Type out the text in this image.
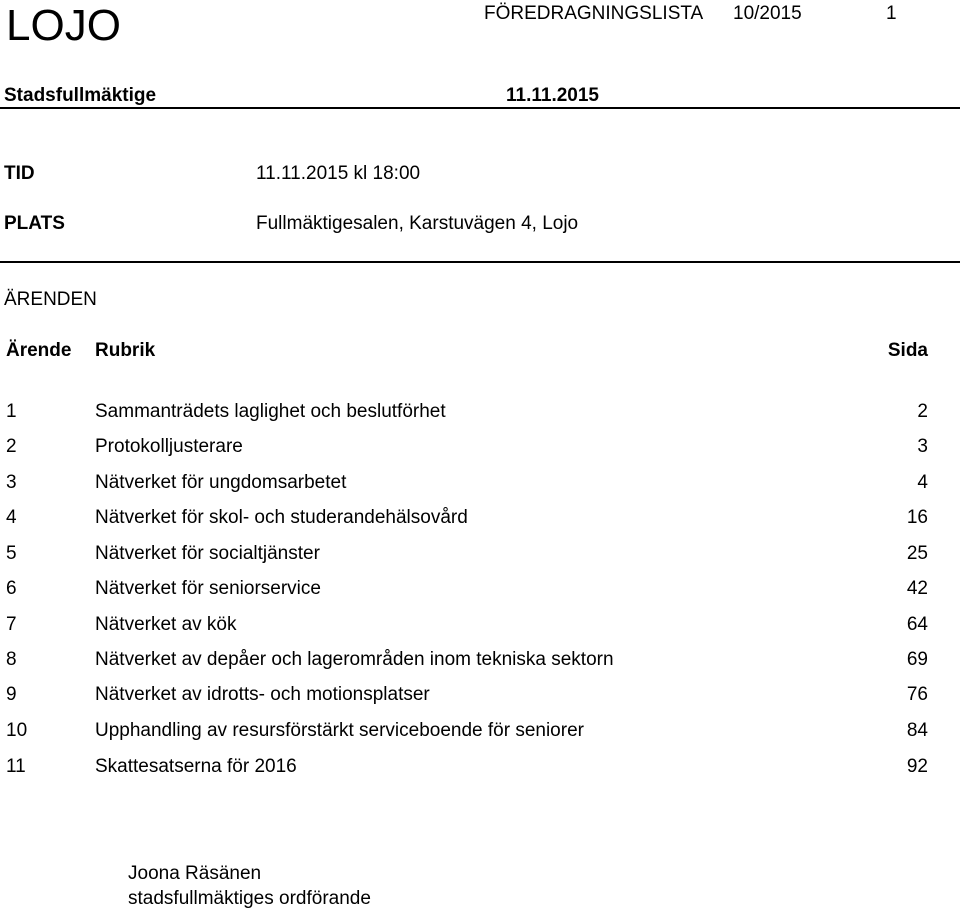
LOJO	FÖREDRAGNINGSLISTA 10/2015	1
Stadsfullmäktige	11.11.2015
TID	11.11.2015 kl 18:00
PLATS	Fullmäktigesalen, Karstuvägen 4, Lojo
ÄRENDEN
Ärende Rubrik	Sida
1	Sammanträdets laglighet och beslutförhet	2
2	Protokolljusterare	3
3	Nätverket för ungdomsarbetet	4
4	Nätverket för skol- och studerandehälsovård	16
5	Nätverket för socialtjänster	25
6	Nätverket för seniorservice	42
7	Nätverket av kök	64
8	Nätverket av depåer och lagerområden inom tekniska sektorn	69
9	Nätverket av idrotts- och motionsplatser	76
10	Upphandling av resursförstärkt serviceboende för seniorer	84
11	Skattesatserna för 2016	92
Joona Räsänen
stadsfullmäktiges ordförande
